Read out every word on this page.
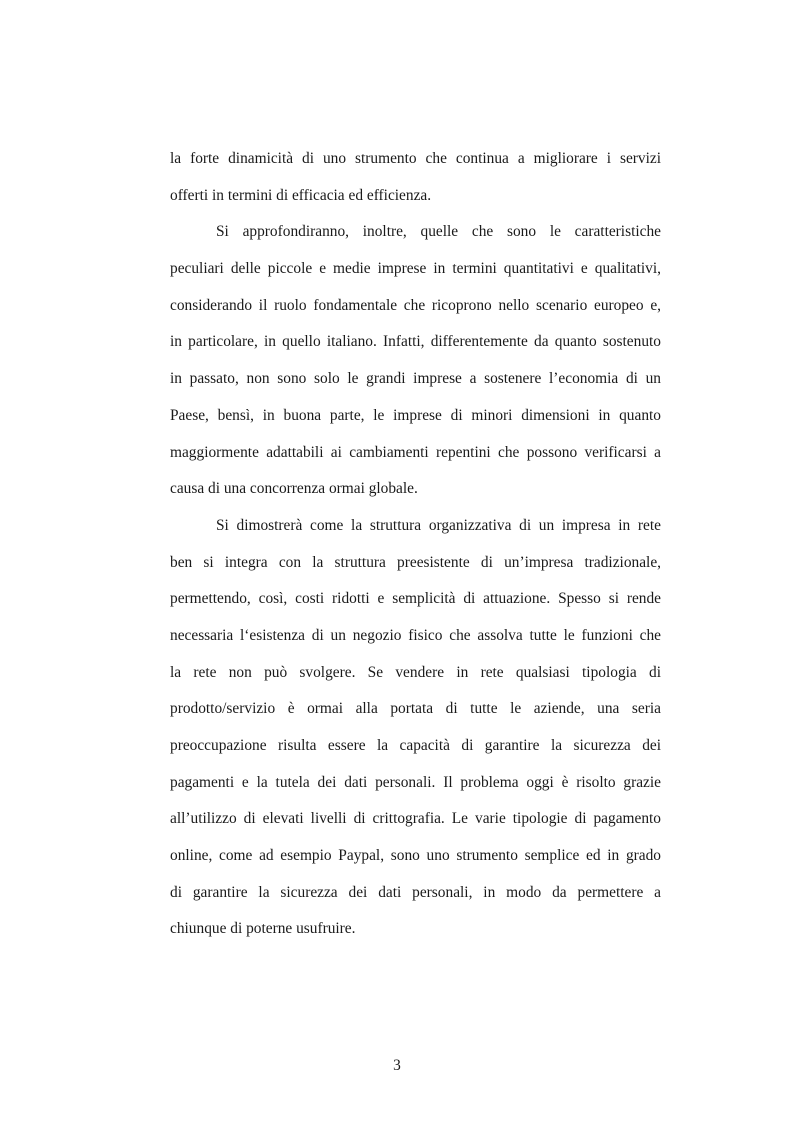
la forte dinamicità di uno strumento che continua a migliorare i servizi
offerti in termini di efficacia ed efficienza.
Si approfondiranno, inoltre, quelle che sono le caratteristiche
peculiari delle piccole e medie imprese in termini quantitativi e qualitativi,
considerando il ruolo fondamentale che ricoprono nello scenario europeo e,
in particolare, in quello italiano. Infatti, differentemente da quanto sostenuto
in passato, non sono solo le grandi imprese a sostenere l’economia di un
Paese, bensì, in buona parte, le imprese di minori dimensioni in quanto
maggiormente adattabili ai cambiamenti repentini che possono verificarsi a
causa di una concorrenza ormai globale.
Si dimostrerà come la struttura organizzativa di un impresa in rete
ben si integra con la struttura preesistente di un’impresa tradizionale,
permettendo, così, costi ridotti e semplicità di attuazione. Spesso si rende
necessaria l‘esistenza di un negozio fisico che assolva tutte le funzioni che
la rete non può svolgere. Se vendere in rete qualsiasi tipologia di
prodotto/servizio è ormai alla portata di tutte le aziende, una seria
preoccupazione risulta essere la capacità di garantire la sicurezza dei
pagamenti e la tutela dei dati personali. Il problema oggi è risolto grazie
all’utilizzo di elevati livelli di crittografia. Le varie tipologie di pagamento
online, come ad esempio Paypal, sono uno strumento semplice ed in grado
di garantire la sicurezza dei dati personali, in modo da permettere a
chiunque di poterne usufruire.
3
